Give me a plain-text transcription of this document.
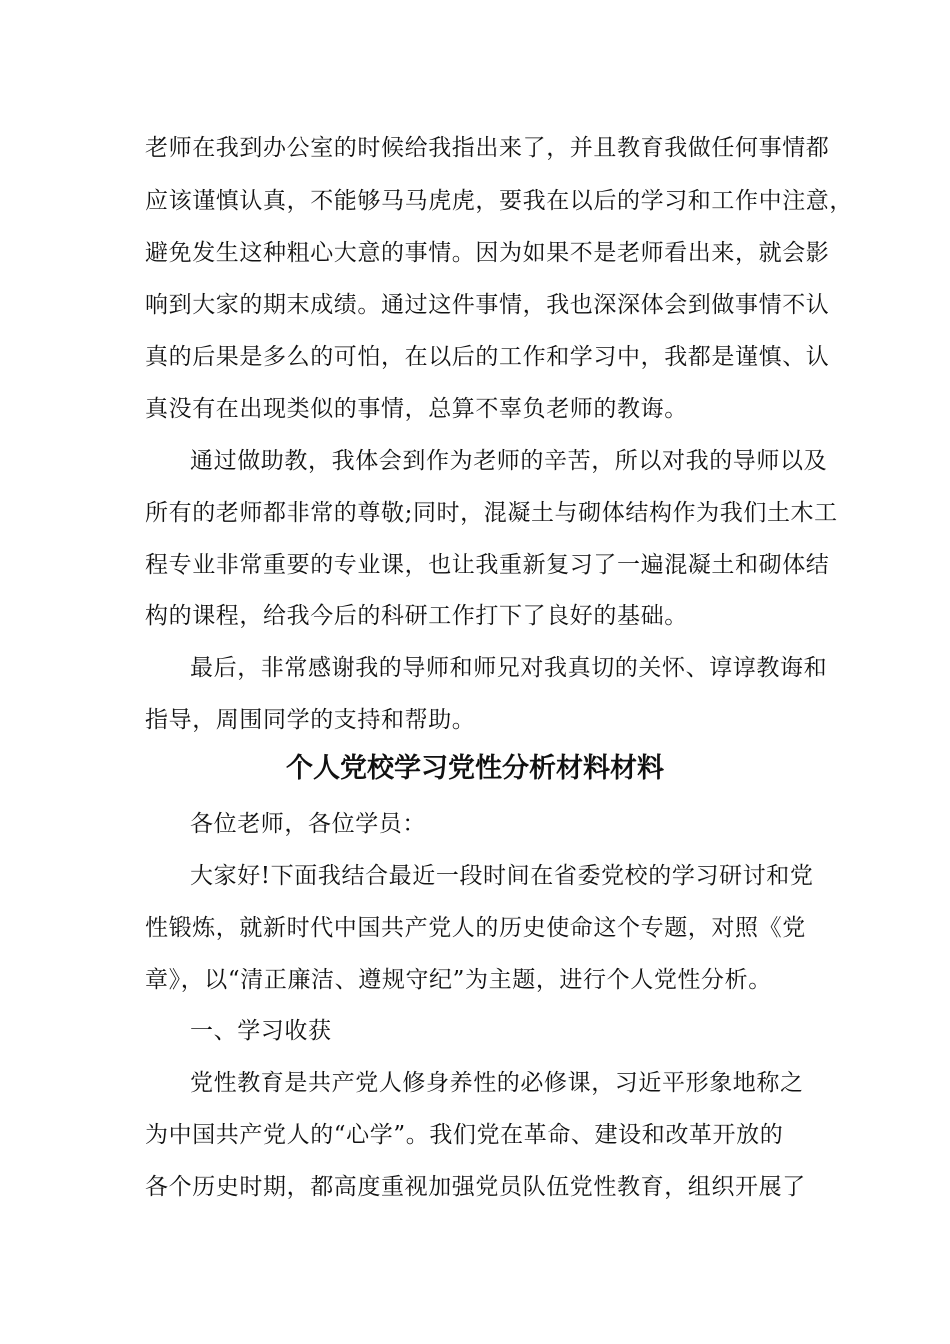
老师在我到办公室的时候给我指出来了，并且教育我做任何事情都
应该谨慎认真，不能够马马虎虎，要我在以后的学习和工作中注意，
避免发生这种粗心大意的事情。因为如果不是老师看出来，就会影
响到大家的期末成绩。通过这件事情，我也深深体会到做事情不认
真的后果是多么的可怕，在以后的工作和学习中，我都是谨慎、认
真没有在出现类似的事情，总算不辜负老师的教诲。
通过做助教，我体会到作为老师的辛苦，所以对我的导师以及
所有的老师都非常的尊敬;同时，混凝土与砌体结构作为我们土木工
程专业非常重要的专业课，也让我重新复习了一遍混凝土和砌体结
构的课程，给我今后的科研工作打下了良好的基础。
最后，非常感谢我的导师和师兄对我真切的关怀、谆谆教诲和
指导，周围同学的支持和帮助。
个人党校学习党性分析材料材料
各位老师，各位学员：
大家好!下面我结合最近一段时间在省委党校的学习研讨和党
性锻炼，就新时代中国共产党人的历史使命这个专题，对照《党
章》，以“清正廉洁、遵规守纪”为主题，进行个人党性分析。
一、学习收获
党性教育是共产党人修身养性的必修课，习近平形象地称之
为中国共产党人的“心学”。我们党在革命、建设和改革开放的
各个历史时期，都高度重视加强党员队伍党性教育，组织开展了
